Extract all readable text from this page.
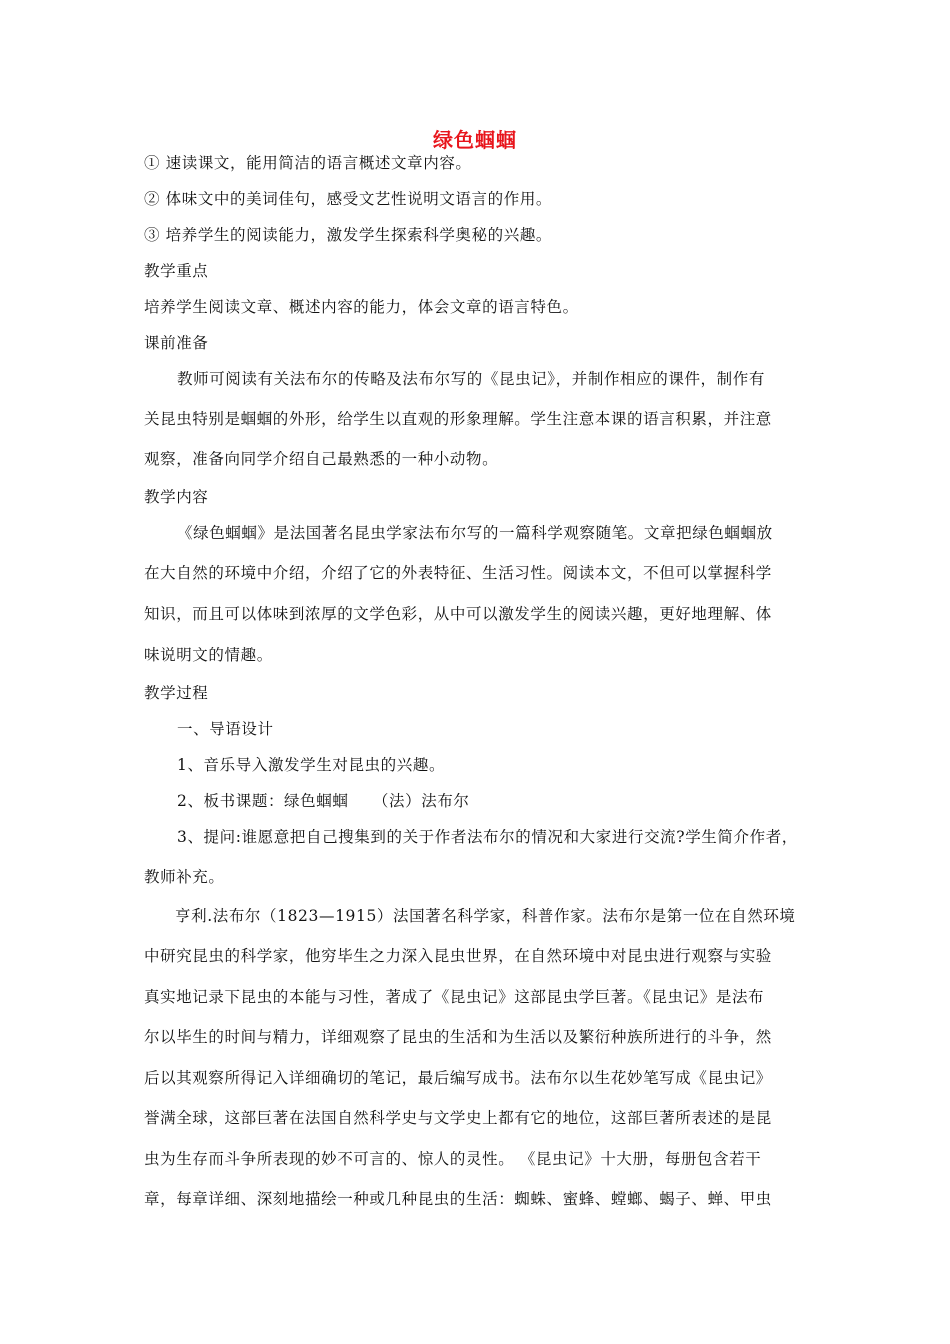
绿色蝈蝈
① 速读课文，能用简洁的语言概述文章内容。
② 体味文中的美词佳句，感受文艺性说明文语言的作用。
③ 培养学生的阅读能力，激发学生探索科学奥秘的兴趣。
教学重点
培养学生阅读文章、概述内容的能力，体会文章的语言特色。
课前准备
教师可阅读有关法布尔的传略及法布尔写的《昆虫记》，并制作相应的课件，制作有
关昆虫特别是蝈蝈的外形，给学生以直观的形象理解。学生注意本课的语言积累，并注意
观察，准备向同学介绍自己最熟悉的一种小动物。
教学内容
《绿色蝈蝈》是法国著名昆虫学家法布尔写的一篇科学观察随笔。文章把绿色蝈蝈放
在大自然的环境中介绍，介绍了它的外表特征、生活习性。阅读本文，不但可以掌握科学
知识，而且可以体味到浓厚的文学色彩，从中可以激发学生的阅读兴趣，更好地理解、体
味说明文的情趣。
教学过程
一、导语设计
1、音乐导入激发学生对昆虫的兴趣。
2、板书课题：绿色蝈蝈　　（法）法布尔
3、提问:谁愿意把自己搜集到的关于作者法布尔的情况和大家进行交流?学生简介作者，
教师补充。
亨利.法布尔（1823—1915）法国著名科学家，科普作家。法布尔是第一位在自然环境
中研究昆虫的科学家，他穷毕生之力深入昆虫世界，在自然环境中对昆虫进行观察与实验
真实地记录下昆虫的本能与习性，著成了《昆虫记》这部昆虫学巨著。《昆虫记》是法布
尔以毕生的时间与精力，详细观察了昆虫的生活和为生活以及繁衍种族所进行的斗争，然
后以其观察所得记入详细确切的笔记，最后编写成书。法布尔以生花妙笔写成《昆虫记》
誉满全球，这部巨著在法国自然科学史与文学史上都有它的地位，这部巨著所表述的是昆
虫为生存而斗争所表现的妙不可言的、惊人的灵性。 《昆虫记》十大册，每册包含若干
章，每章详细、深刻地描绘一种或几种昆虫的生活：蜘蛛、蜜蜂、螳螂、蝎子、蝉、甲虫
